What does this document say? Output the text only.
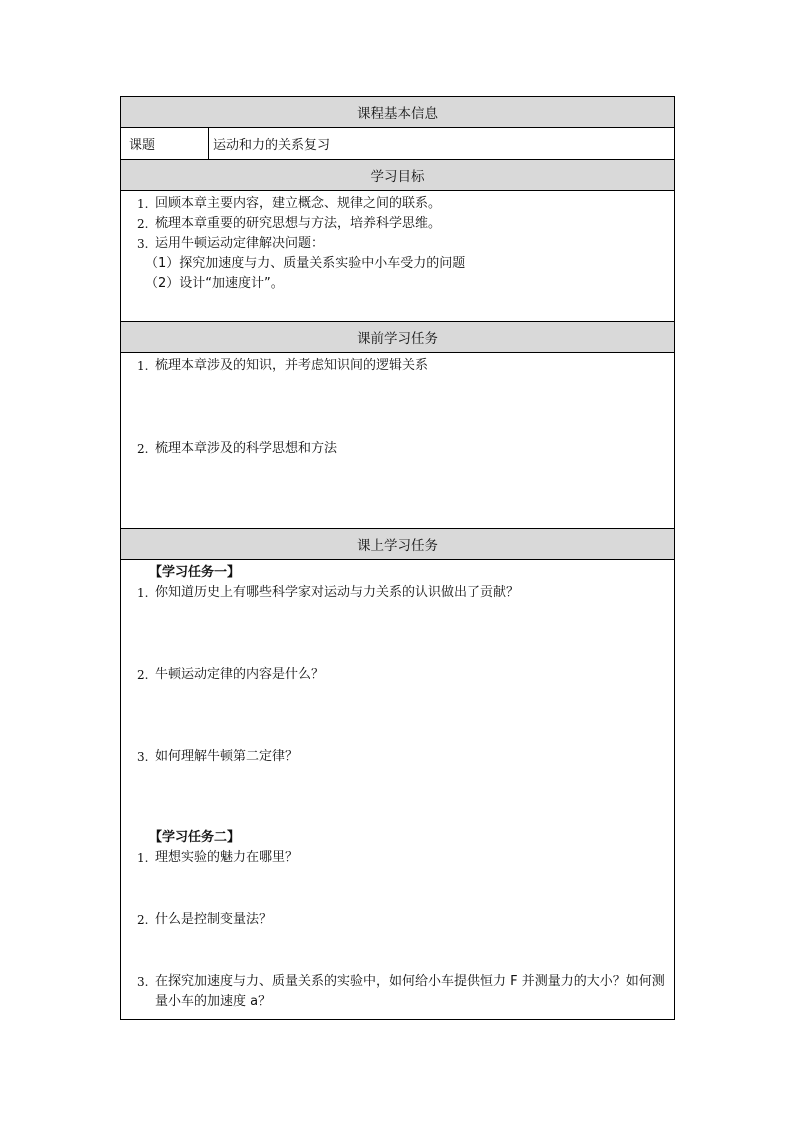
课程基本信息
课题	运动和力的关系复习
学习目标

1. 回顾本章主要内容，建立概念、规律之间的联系。
2. 梳理本章重要的研究思想与方法，培养科学思维。
3. 运用牛顿运动定律解决问题：
（1）探究加速度与力、质量关系实验中小车受力的问题
（2）设计“加速度计”。

课前学习任务

1. 梳理本章涉及的知识，并考虑知识间的逻辑关系
2. 梳理本章涉及的科学思想和方法

课上学习任务

【学习任务一】
1. 你知道历史上有哪些科学家对运动与力关系的认识做出了贡献？
2. 牛顿运动定律的内容是什么？
3. 如何理解牛顿第二定律？
【学习任务二】
1. 理想实验的魅力在哪里？
2. 什么是控制变量法？
3. 在探究加速度与力、质量关系的实验中，如何给小车提供恒力 F 并测量力的大小？如何测量小车的加速度 a？
